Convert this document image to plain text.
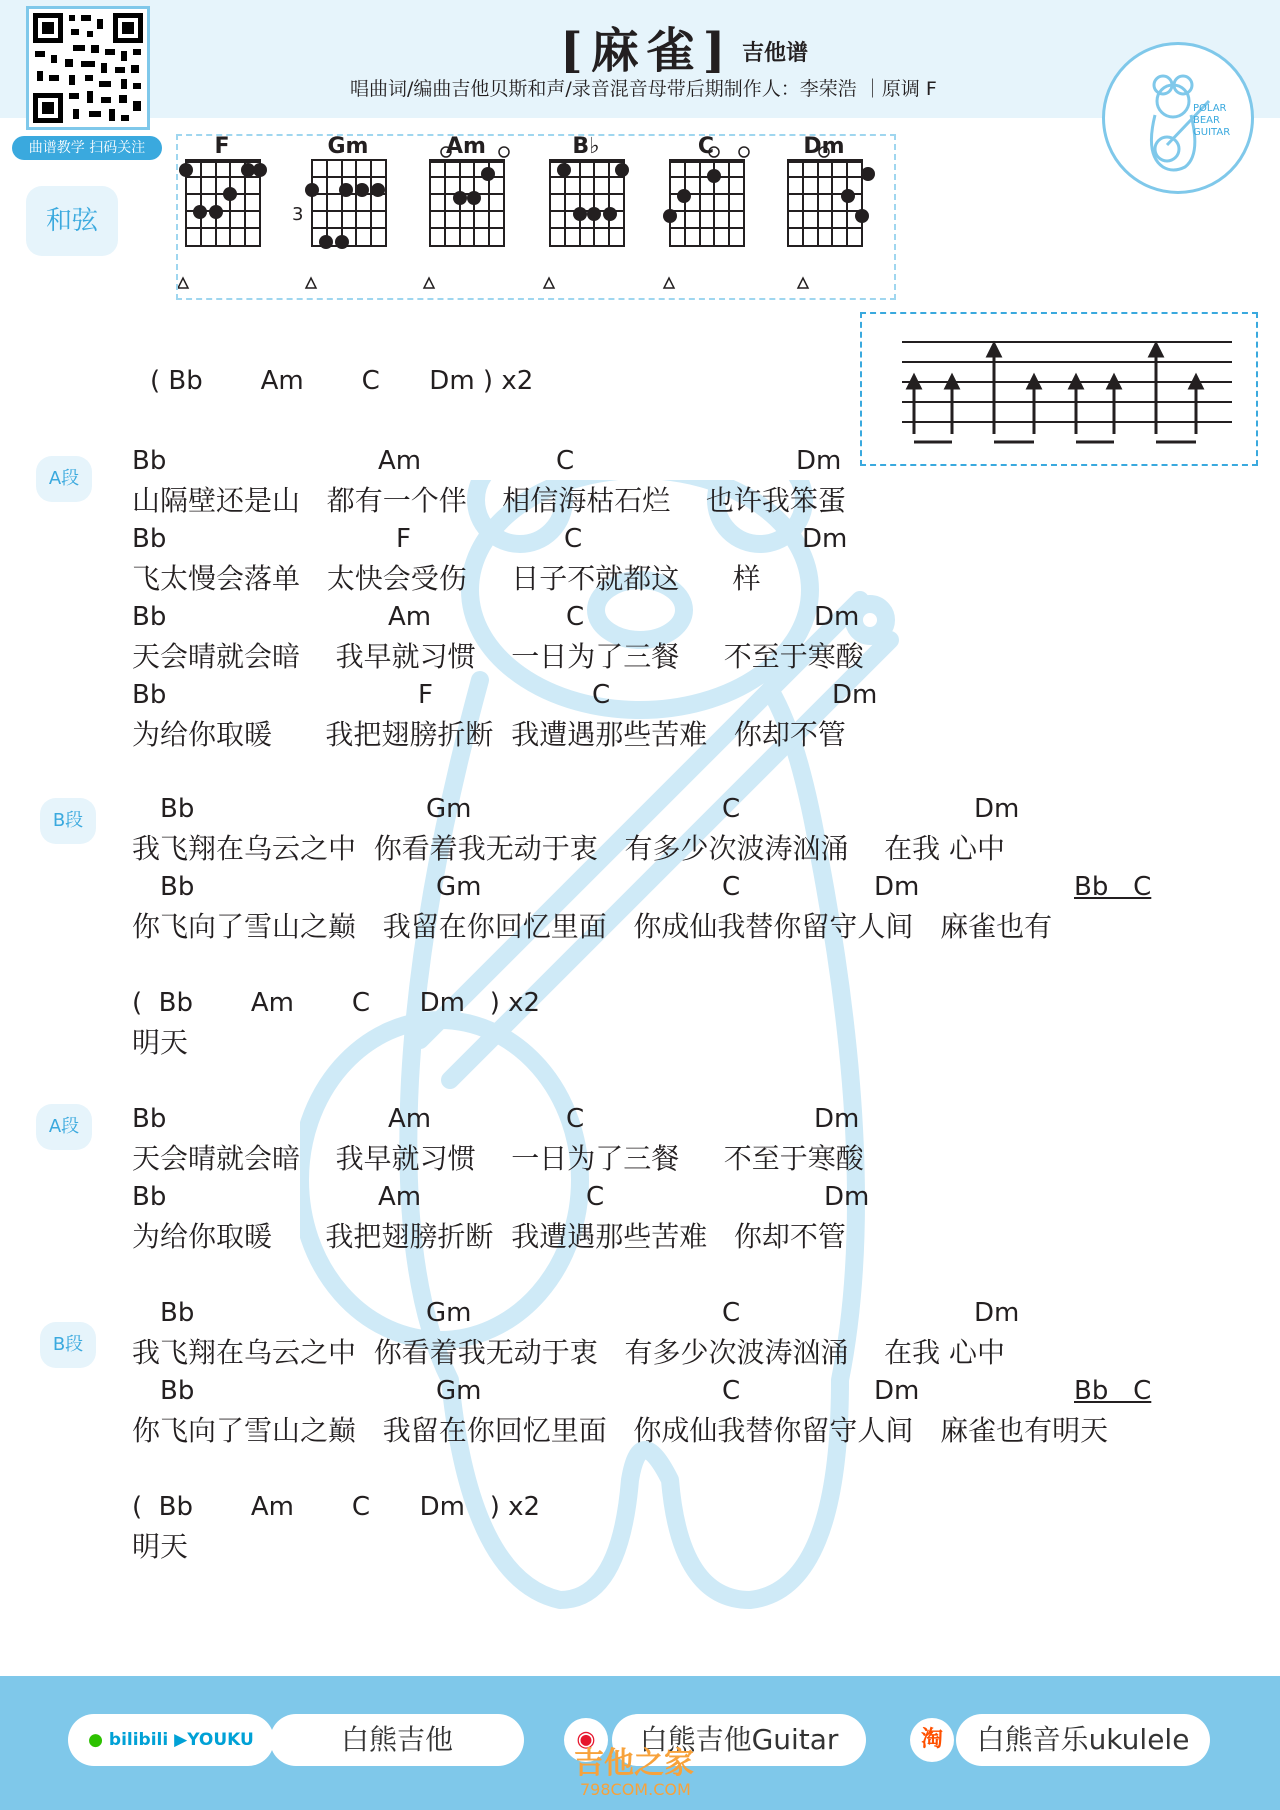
曲谱教学 扫码关注
[麻雀] 吉他谱
唱曲词/编曲吉他贝斯和声/录音混音母带后期制作人：李荣浩 ｜原调 F
POLAR
BEAR
GUITAR
和弦	3
F	Gm	Am	B♭	C	Dm
( Bb       Am       C      Dm ) x2
A段
Bb	Am	C	Dm
山隔壁还是山   都有一个伴    相信海枯石烂    也许我笨蛋
Bb	F	C	Dm
飞太慢会落单   太快会受伤     日子不就都这      样
Bb	Am	C	Dm
天会晴就会暗    我早就习惯    一日为了三餐     不至于寒酸
Bb	F	C	Dm
为给你取暖      我把翅膀折断  我遭遇那些苦难   你却不管
B段	Bb	Gm	C	Dm
我飞翔在乌云之中  你看着我无动于衷   有多少次波涛汹涌    在我 心中
Bb	Gm	C	Dm	Bb   C
你飞向了雪山之巅   我留在你回忆里面   你成仙我替你留守人间   麻雀也有
(  Bb       Am       C      Dm   ) x2
明天
A段	Bb	Am	C	Dm
天会晴就会暗    我早就习惯    一日为了三餐     不至于寒酸
Bb	Am	C	Dm
为给你取暖      我把翅膀折断  我遭遇那些苦难   你却不管
B段
Bb	Gm	C	Dm
我飞翔在乌云之中  你看着我无动于衷   有多少次波涛汹涌    在我 心中
Bb	Gm	C	Dm	Bb   C
你飞向了雪山之巅   我留在你回忆里面   你成仙我替你留守人间   麻雀也有明天
(  Bb       Am       C      Dm   ) x2
明天
● bilibili ▶YOUKU	白熊吉他	◉	白熊吉他Guitar	淘	白熊音乐ukulele
吉他之家
798COM.COM
